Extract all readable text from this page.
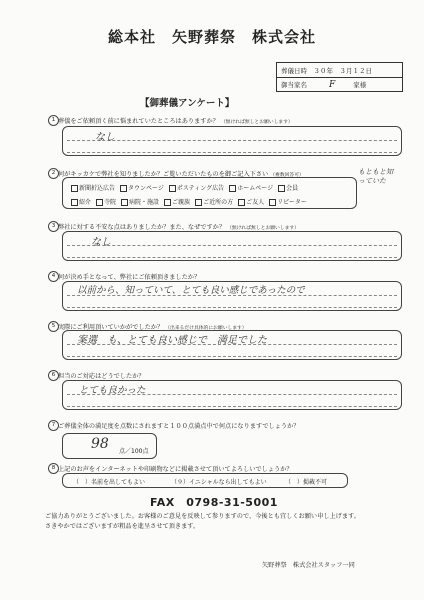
総本社　矢野葬祭　株式会社
葬儀日時　３０年　３月１２日
御当家名 F	家様
【御葬儀アンケート】
1 葬儀をご依頼頂く前に悩まれていたところはありますか？ （無ければ無しとお願いします）
なし
2 何がキッカケで弊社を知りましたか？ご覧いただいたものを御ご記入下さい （複数回答可）
新聞折込広告 タウンページ ポスティング広告 ホームページ 会員
紹介 寺院 病院・施設 ご親族 ご近所の方 ご友人 リピーター
もともと知っていた
3 弊社に対する不安な点はありましたか？また、なぜですか？ （無ければ無しとお願いします）
なし
4 何が決め手となって、弊社にご依頼頂きましたか？
以前から、知っていて、とても良い感じであったので
5 実際にご利用頂いていかがでしたか？ （出来るだけ具体的にお願いします）
案選　も、とても良い感じで　満足でした
6 担当のご対応はどうでしたか？
とても良かった
7 ご葬儀全体の満足度を点数にされますと１００点満点中で何点になりますでしょうか？
98 点／100点
8 上記のお声をインターネットや印刷物などに掲載させて頂いてよろしいでしょうか？
（　）名前を出してもよい	（９）イニシャルなら出してもよい	（　）掲載不可
FAX　0798-31-5001
ご協力ありがとうございました。お客様のご意見を反映して参りますので、今後とも宜しくお願い申し上げます。
さきやかではございますが粗品を進呈させて頂きます。
矢野葬祭　株式会社スタッフ一同
